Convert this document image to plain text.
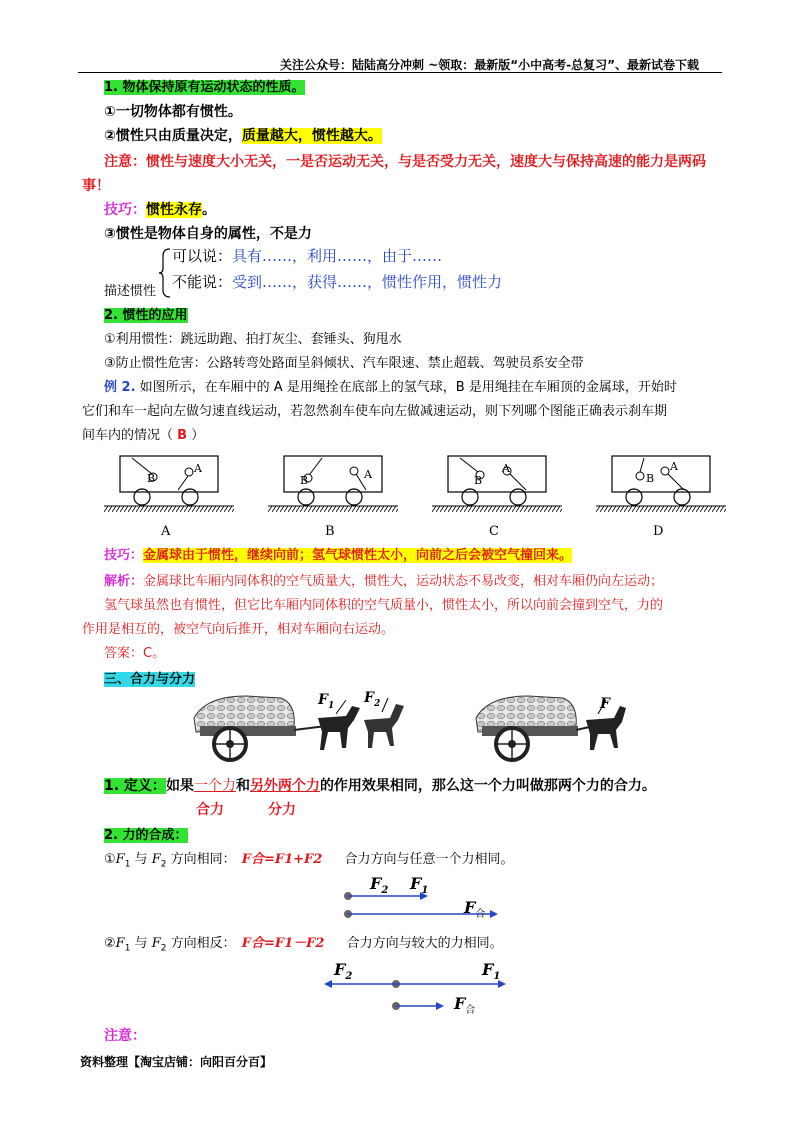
关注公众号：陆陆高分冲刺 ~领取：最新版“小中高考-总复习”、最新试卷下载
1. 物体保持原有运动状态的性质。
①一切物体都有惯性。
②惯性只由质量决定，质量越大，惯性越大。
注意：惯性与速度大小无关，一是否运动无关，与是否受力无关，速度大与保持高速的能力是两码
事！
技巧：惯性永存。
③惯性是物体自身的属性，不是力
描述惯性
可以说：具有……，利用……，由于……
不能说：受到……，获得……，惯性作用，惯性力
2. 惯性的应用
①利用惯性：跳远助跑、拍打灰尘、套锤头、狗甩水
③防止惯性危害：公路转弯处路面呈斜倾状、汽车限速、禁止超载、驾驶员系安全带
例 2. 如图所示，在车厢中的 A 是用绳拴在底部上的氢气球，B 是用绳挂在车厢顶的金属球，开始时
它们和车一起向左做匀速直线运动，若忽然刹车使车向左做减速运动，则下列哪个图能正确表示刹车期
间车内的情况（ B ）
B
A
B	A	B
A
B
A
A	B	C	D
技巧：金属球由于惯性，继续向前；氢气球惯性太小，向前之后会被空气撞回来。
解析：金属球比车厢内同体积的空气质量大，惯性大，运动状态不易改变，相对车厢仍向左运动；
氢气球虽然也有惯性，但它比车厢内同体积的空气质量小，惯性太小，所以向前会撞到空气，力的
作用是相互的，被空气向后推开，相对车厢向右运动。
答案：C。
三、合力与分力
$F_1$ $F_2$	F
1. 定义：如果一个力和另外两个力的作用效果相同，那么这一个力叫做那两个力的合力。
合力	分力
2. 力的合成：
$①F_1$ 与 $F_2$ 方向相同： F合=F1+F2 合力方向与任意一个力相同。
$F_2$ $F_1$
$F_合$
$②F_1$ 与 $F_2$ 方向相反： F合=F1－F2 合力方向与较大的力相同。
$F_2$	$F_1$
$F_合$
注意：
资料整理【淘宝店铺：向阳百分百】
